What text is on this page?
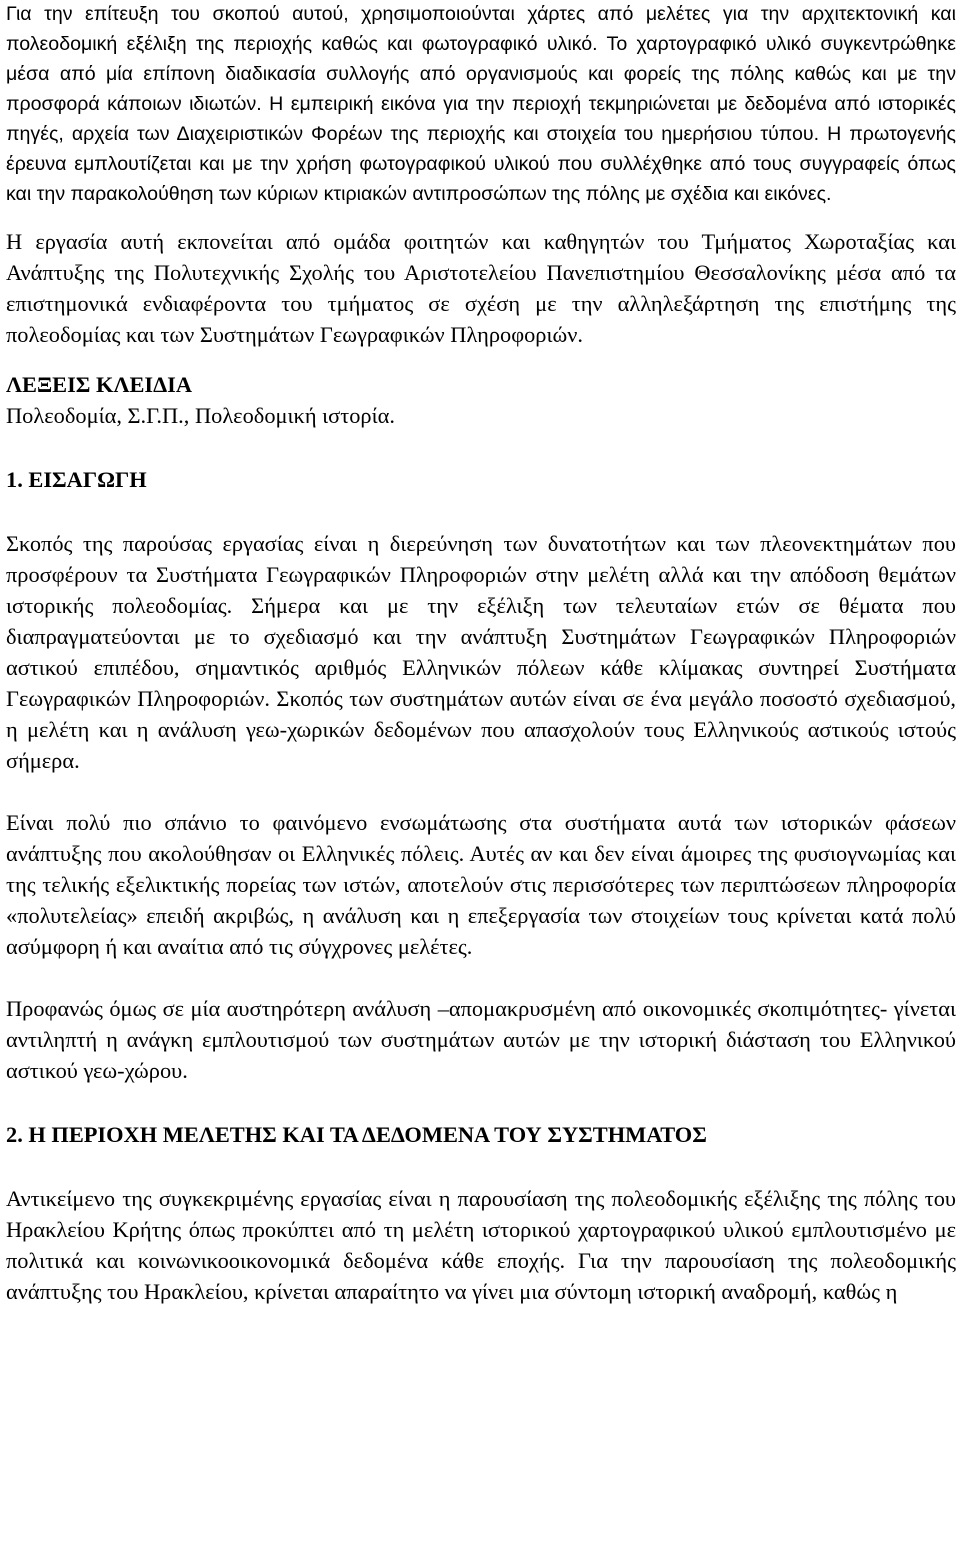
Για την επίτευξη του σκοπού αυτού, χρησιμοποιούνται χάρτες από μελέτες για την αρχιτεκτονική και πολεοδομική εξέλιξη της περιοχής καθώς και φωτογραφικό υλικό. Το χαρτογραφικό υλικό συγκεντρώθηκε μέσα από μία επίπονη διαδικασία συλλογής από οργανισμούς και φορείς της πόλης καθώς και με την προσφορά κάποιων ιδιωτών. Η εμπειρική εικόνα για την περιοχή τεκμηριώνεται με δεδομένα από ιστορικές πηγές, αρχεία των Διαχειριστικών Φορέων της περιοχής και στοιχεία του ημερήσιου τύπου. Η πρωτογενής έρευνα εμπλουτίζεται και με την χρήση φωτογραφικού υλικού που συλλέχθηκε από τους συγγραφείς όπως και την παρακολούθηση των κύριων κτιριακών αντιπροσώπων της πόλης με σχέδια και εικόνες.

Η εργασία αυτή εκπονείται από ομάδα φοιτητών και καθηγητών του Τμήματος Χωροταξίας και Ανάπτυξης της Πολυτεχνικής Σχολής του Αριστοτελείου Πανεπιστημίου Θεσσαλονίκης μέσα από τα επιστημονικά ενδιαφέροντα του τμήματος σε σχέση με την αλληλεξάρτηση της επιστήμης της πολεοδομίας και των Συστημάτων Γεωγραφικών Πληροφοριών.

ΛΕΞΕΙΣ ΚΛΕΙΔΙΑ

Πολεοδομία, Σ.Γ.Π., Πολεοδομική ιστορία.

1. ΕΙΣΑΓΩΓΗ

Σκοπός της παρούσας εργασίας είναι η διερεύνηση των δυνατοτήτων και των πλεονεκτημάτων που προσφέρουν τα Συστήματα Γεωγραφικών Πληροφοριών στην μελέτη αλλά και την απόδοση θεμάτων ιστορικής πολεοδομίας. Σήμερα και με την εξέλιξη των τελευταίων ετών σε θέματα που διαπραγματεύονται με το σχεδιασμό και την ανάπτυξη Συστημάτων Γεωγραφικών Πληροφοριών αστικού επιπέδου, σημαντικός αριθμός Ελληνικών πόλεων κάθε κλίμακας συντηρεί Συστήματα Γεωγραφικών Πληροφοριών. Σκοπός των συστημάτων αυτών είναι σε ένα μεγάλο ποσοστό σχεδιασμού, η μελέτη και η ανάλυση γεω-χωρικών δεδομένων που απασχολούν τους Ελληνικούς αστικούς ιστούς σήμερα.

Είναι πολύ πιο σπάνιο το φαινόμενο ενσωμάτωσης στα συστήματα αυτά των ιστορικών φάσεων ανάπτυξης που ακολούθησαν οι Ελληνικές πόλεις. Αυτές αν και δεν είναι άμοιρες της φυσιογνωμίας και της τελικής εξελικτικής πορείας των ιστών, αποτελούν στις περισσότερες των περιπτώσεων πληροφορία «πολυτελείας» επειδή ακριβώς, η ανάλυση και η επεξεργασία των στοιχείων τους κρίνεται κατά πολύ ασύμφορη ή και αναίτια από τις σύγχρονες μελέτες.

Προφανώς όμως σε μία αυστηρότερη ανάλυση –απομακρυσμένη από οικονομικές σκοπιμότητες- γίνεται αντιληπτή η ανάγκη εμπλουτισμού των συστημάτων αυτών με την ιστορική διάσταση του Ελληνικού αστικού γεω-χώρου.

2. Η ΠΕΡΙΟΧΗ ΜΕΛΕΤΗΣ ΚΑΙ ΤΑ ΔΕΔΟΜΕΝΑ ΤΟΥ ΣΥΣΤΗΜΑΤΟΣ

Αντικείμενο της συγκεκριμένης εργασίας είναι η παρουσίαση της πολεοδομικής εξέλιξης της πόλης του Ηρακλείου Κρήτης όπως προκύπτει από τη μελέτη ιστορικού χαρτογραφικού υλικού εμπλουτισμένο με πολιτικά και κοινωνικοοικονομικά δεδομένα κάθε εποχής. Για την παρουσίαση της πολεοδομικής ανάπτυξης του Ηρακλείου, κρίνεται απαραίτητο να γίνει μια σύντομη ιστορική αναδρομή, καθώς η
